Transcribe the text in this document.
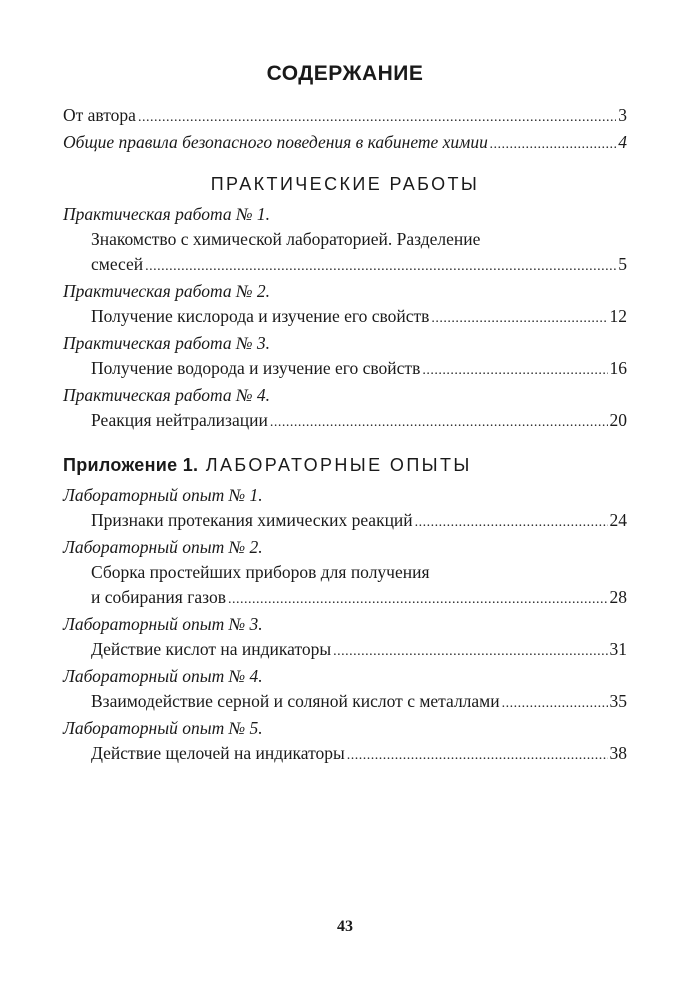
СОДЕРЖАНИЕ
От автора .....	3
Общие правила безопасного поведения в кабинете химии .....	4
ПРАКТИЧЕСКИЕ РАБОТЫ
Практическая работа № 1.
Знакомство с химической лабораторией. Разделение
смесей .....	5
Практическая работа № 2.
Получение кислорода и изучение его свойств .....	12
Практическая работа № 3.
Получение водорода и изучение его свойств .....	16
Практическая работа № 4.
Реакция нейтрализации .....	20
Приложение 1. ЛАБОРАТОРНЫЕ ОПЫТЫ
Лабораторный опыт № 1.
Признаки протекания химических реакций .....	24
Лабораторный опыт № 2.
Сборка простейших приборов для получения
и собирания газов .....	28
Лабораторный опыт № 3.
Действие кислот на индикаторы .....	31
Лабораторный опыт № 4.
Взаимодействие серной и соляной кислот с металлами .....	35
Лабораторный опыт № 5.
Действие щелочей на индикаторы .....	38
43
